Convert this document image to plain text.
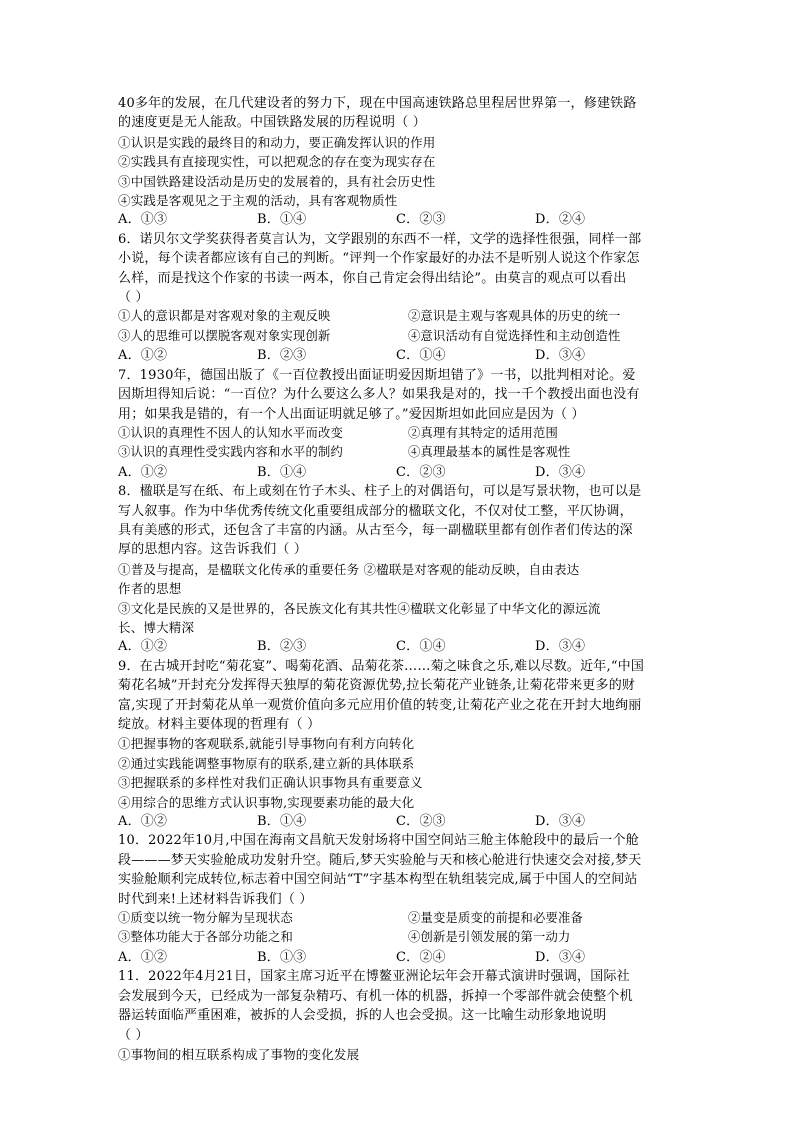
40多年的发展，在几代建设者的努力下，现在中国高速铁路总里程居世界第一，修建铁路
的速度更是无人能敌。中国铁路发展的历程说明（ ）
①认识是实践的最终目的和动力，要正确发挥认识的作用
②实践具有直接现实性，可以把观念的存在变为现实存在
③中国铁路建设活动是历史的发展着的，具有社会历史性
④实践是客观见之于主观的活动，具有客观物质性
A．①③	B．①④	C．②③	D．②④
6．诺贝尔文学奖获得者莫言认为，文学跟别的东西不一样，文学的选择性很强，同样一部
小说，每个读者都应该有自己的判断。“评判一个作家最好的办法不是听别人说这个作家怎
么样，而是找这个作家的书读一两本，你自己肯定会得出结论”。由莫言的观点可以看出
（ ）
①人的意识都是对客观对象的主观反映	②意识是主观与客观具体的历史的统一
③人的思维可以摆脱客观对象实现创新	④意识活动有自觉选择性和主动创造性
A．①②	B．②③	C．①④	D．③④
7．1930年，德国出版了《一百位教授出面证明爱因斯坦错了》一书，以批判相对论。爱
因斯坦得知后说：“一百位？为什么要这么多人？如果我是对的，找一千个教授出面也没有
用；如果我是错的，有一个人出面证明就足够了。”爱因斯坦如此回应是因为（ ）
①认识的真理性不因人的认知水平而改变	②真理有其特定的适用范围
③认识的真理性受实践内容和水平的制约	④真理最基本的属性是客观性
A．①②	B．①④	C．②③	D．③④
8．楹联是写在纸、布上或刻在竹子木头、柱子上的对偶语句，可以是写景状物，也可以是
写人叙事。作为中华优秀传统文化重要组成部分的楹联文化，不仅对仗工整，平仄协调，
具有美感的形式，还包含了丰富的内涵。从古至今，每一副楹联里都有创作者们传达的深
厚的思想内容。这告诉我们（ ）
①普及与提高，是楹联文化传承的重要任务 ②楹联是对客观的能动反映，自由表达
作者的思想
③文化是民族的又是世界的，各民族文化有其共性④楹联文化彰显了中华文化的源远流
长、博大精深
A．①②	B．②③	C．①④	D．③④
9．在古城开封吃“菊花宴”、喝菊花酒、品菊花茶……菊之味食之乐,难以尽数。近年,“中国
菊花名城”开封充分发挥得天独厚的菊花资源优势,拉长菊花产业链条,让菊花带来更多的财
富,实现了开封菊花从单一观赏价值向多元应用价值的转变,让菊花产业之花在开封大地绚丽
绽放。材料主要体现的哲理有（ ）
①把握事物的客观联系,就能引导事物向有利方向转化
②通过实践能调整事物原有的联系,建立新的具体联系
③把握联系的多样性对我们正确认识事物具有重要意义
④用综合的思维方式认识事物,实现要素功能的最大化
A．①②	B．①④	C．②③	D．③④
10．2022年10月,中国在海南文昌航天发射场将中国空间站三舱主体舱段中的最后一个舱
段———梦天实验舱成功发射升空。随后,梦天实验舱与天和核心舱进行快速交会对接,梦天
实验舱顺利完成转位,标志着中国空间站“T”字基本构型在轨组装完成,属于中国人的空间站
时代到来!上述材料告诉我们（ ）
①质变以统一物分解为呈现状态	②量变是质变的前提和必要准备
③整体功能大于各部分功能之和	④创新是引领发展的第一动力
A．①②	B．①③	C．②④	D．③④
11．2022年4月21日，国家主席习近平在博鳌亚洲论坛年会开幕式演讲时强调，国际社
会发展到今天，已经成为一部复杂精巧、有机一体的机器，拆掉一个零部件就会使整个机
器运转面临严重困难，被拆的人会受损，拆的人也会受损。这一比喻生动形象地说明
（ ）
①事物间的相互联系构成了事物的变化发展
